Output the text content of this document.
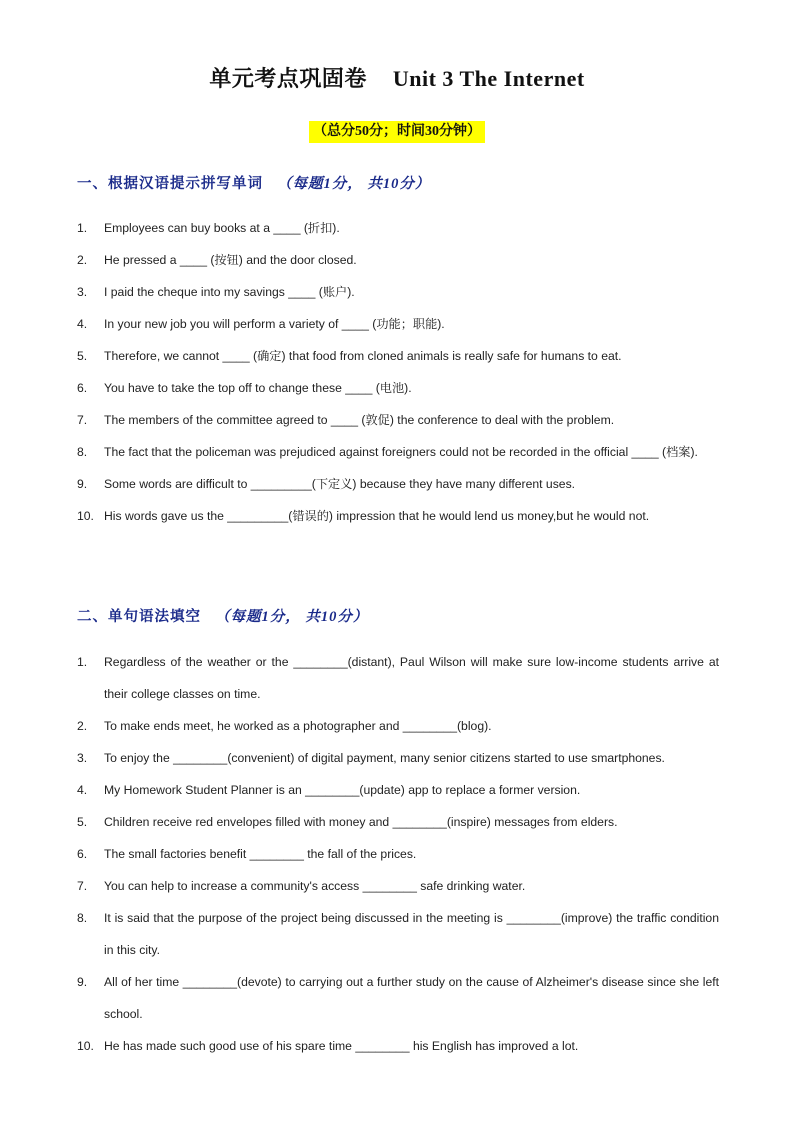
单元考点巩固卷 Unit 3 The Internet
（总分50分；时间30分钟）
一、根据汉语提示拼写单词 （每题1分， 共10分）
1. Employees can buy books at a ____ (折扣).
2. He pressed a ____ (按钮) and the door closed.
3. I paid the cheque into my savings ____ (账户).
4. In your new job you will perform a variety of ____ (功能；职能).
5. Therefore, we cannot ____ (确定) that food from cloned animals is really safe for humans to eat.
6. You have to take the top off to change these ____ (电池).
7. The members of the committee agreed to ____ (敦促) the conference to deal with the problem.
8. The fact that the policeman was prejudiced against foreigners could not be recorded in the official ____ (档案).
9. Some words are difficult to _________(下定义) because they have many different uses.
10. His words gave us the _________(错误的) impression that he would lend us money,but he would not.
二、单句语法填空 （每题1分， 共10分）
1. Regardless of the weather or the ________(distant), Paul Wilson will make sure low-income students arrive at their college classes on time.
2. To make ends meet, he worked as a photographer and ________(blog).
3. To enjoy the ________(convenient) of digital payment, many senior citizens started to use smartphones.
4. My Homework Student Planner is an ________(update) app to replace a former version.
5. Children receive red envelopes filled with money and ________(inspire) messages from elders.
6. The small factories benefit ________ the fall of the prices.
7. You can help to increase a community's access ________ safe drinking water.
8. It is said that the purpose of the project being discussed in the meeting is ________(improve) the traffic condition in this city.
9. All of her time ________(devote) to carrying out a further study on the cause of Alzheimer's disease since she left school.
10. He has made such good use of his spare time ________ his English has improved a lot.
